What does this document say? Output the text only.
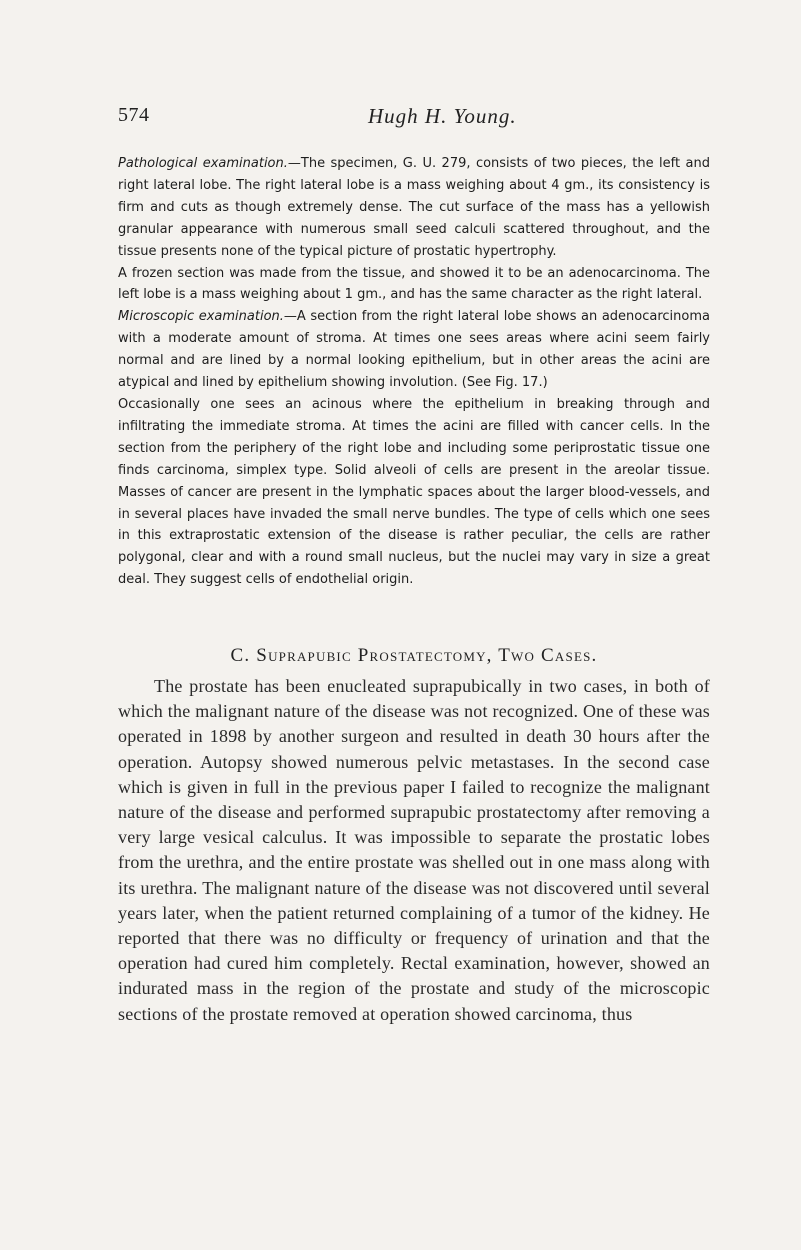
574	Hugh H. Young.

Pathological examination.—The specimen, G. U. 279, consists of two pieces, the left and right lateral lobe. The right lateral lobe is a mass weighing about 4 gm., its consistency is firm and cuts as though extremely dense. The cut surface of the mass has a yellowish granular appearance with numerous small seed calculi scattered throughout, and the tissue presents none of the typical picture of prostatic hypertrophy.

A frozen section was made from the tissue, and showed it to be an adenocarcinoma. The left lobe is a mass weighing about 1 gm., and has the same character as the right lateral.

Microscopic examination.—A section from the right lateral lobe shows an adenocarcinoma with a moderate amount of stroma. At times one sees areas where acini seem fairly normal and are lined by a normal looking epithelium, but in other areas the acini are atypical and lined by epithelium showing involution. (See Fig. 17.)

Occasionally one sees an acinous where the epithelium in breaking through and infiltrating the immediate stroma. At times the acini are filled with cancer cells. In the section from the periphery of the right lobe and including some periprostatic tissue one finds carcinoma, simplex type. Solid alveoli of cells are present in the areolar tissue. Masses of cancer are present in the lymphatic spaces about the larger blood-vessels, and in several places have invaded the small nerve bundles. The type of cells which one sees in this extraprostatic extension of the disease is rather peculiar, the cells are rather polygonal, clear and with a round small nucleus, but the nuclei may vary in size a great deal. They suggest cells of endothelial origin.

C. Suprapubic Prostatectomy, Two Cases.

The prostate has been enucleated suprapubically in two cases, in both of which the malignant nature of the disease was not recognized. One of these was operated in 1898 by another surgeon and resulted in death 30 hours after the operation. Autopsy showed numerous pelvic metastases. In the second case which is given in full in the previous paper I failed to recognize the malignant nature of the disease and performed suprapubic prostatectomy after removing a very large vesical calculus. It was impossible to separate the prostatic lobes from the urethra, and the entire prostate was shelled out in one mass along with its urethra. The malignant nature of the disease was not discovered until several years later, when the patient returned complaining of a tumor of the kidney. He reported that there was no difficulty or frequency of urination and that the operation had cured him completely. Rectal examination, however, showed an indurated mass in the region of the prostate and study of the microscopic sections of the prostate removed at operation showed carcinoma, thus
